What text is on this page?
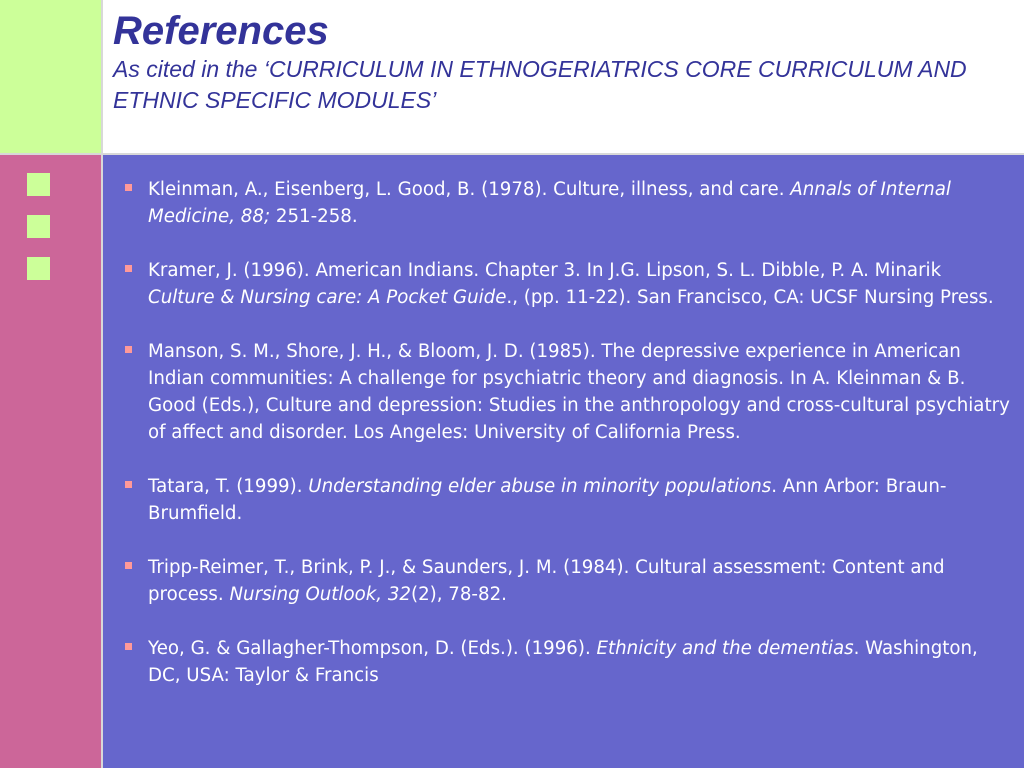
References

As cited in the ‘CURRICULUM IN ETHNOGERIATRICS CORE CURRICULUM AND ETHNIC SPECIFIC MODULES’

Kleinman, A., Eisenberg, L. Good, B. (1978). Culture, illness, and care. Annals of Internal Medicine, 88; 251-258.
Kramer, J. (1996). American Indians. Chapter 3. In J.G. Lipson, S. L. Dibble, P. A. Minarik Culture & Nursing care: A Pocket Guide., (pp. 11-22). San Francisco, CA: UCSF Nursing Press.
Manson, S. M., Shore, J. H., & Bloom, J. D. (1985). The depressive experience in American Indian communities: A challenge for psychiatric theory and diagnosis. In A. Kleinman & B. Good (Eds.), Culture and depression: Studies in the anthropology and cross-cultural psychiatry of affect and disorder. Los Angeles: University of California Press.
Tatara, T. (1999). Understanding elder abuse in minority populations. Ann Arbor: Braun-Brumfield.
Tripp-Reimer, T., Brink, P. J., & Saunders, J. M. (1984). Cultural assessment: Content and process. Nursing Outlook, 32(2), 78-82.
Yeo, G. & Gallagher-Thompson, D. (Eds.). (1996). Ethnicity and the dementias. Washington, DC, USA: Taylor & Francis
